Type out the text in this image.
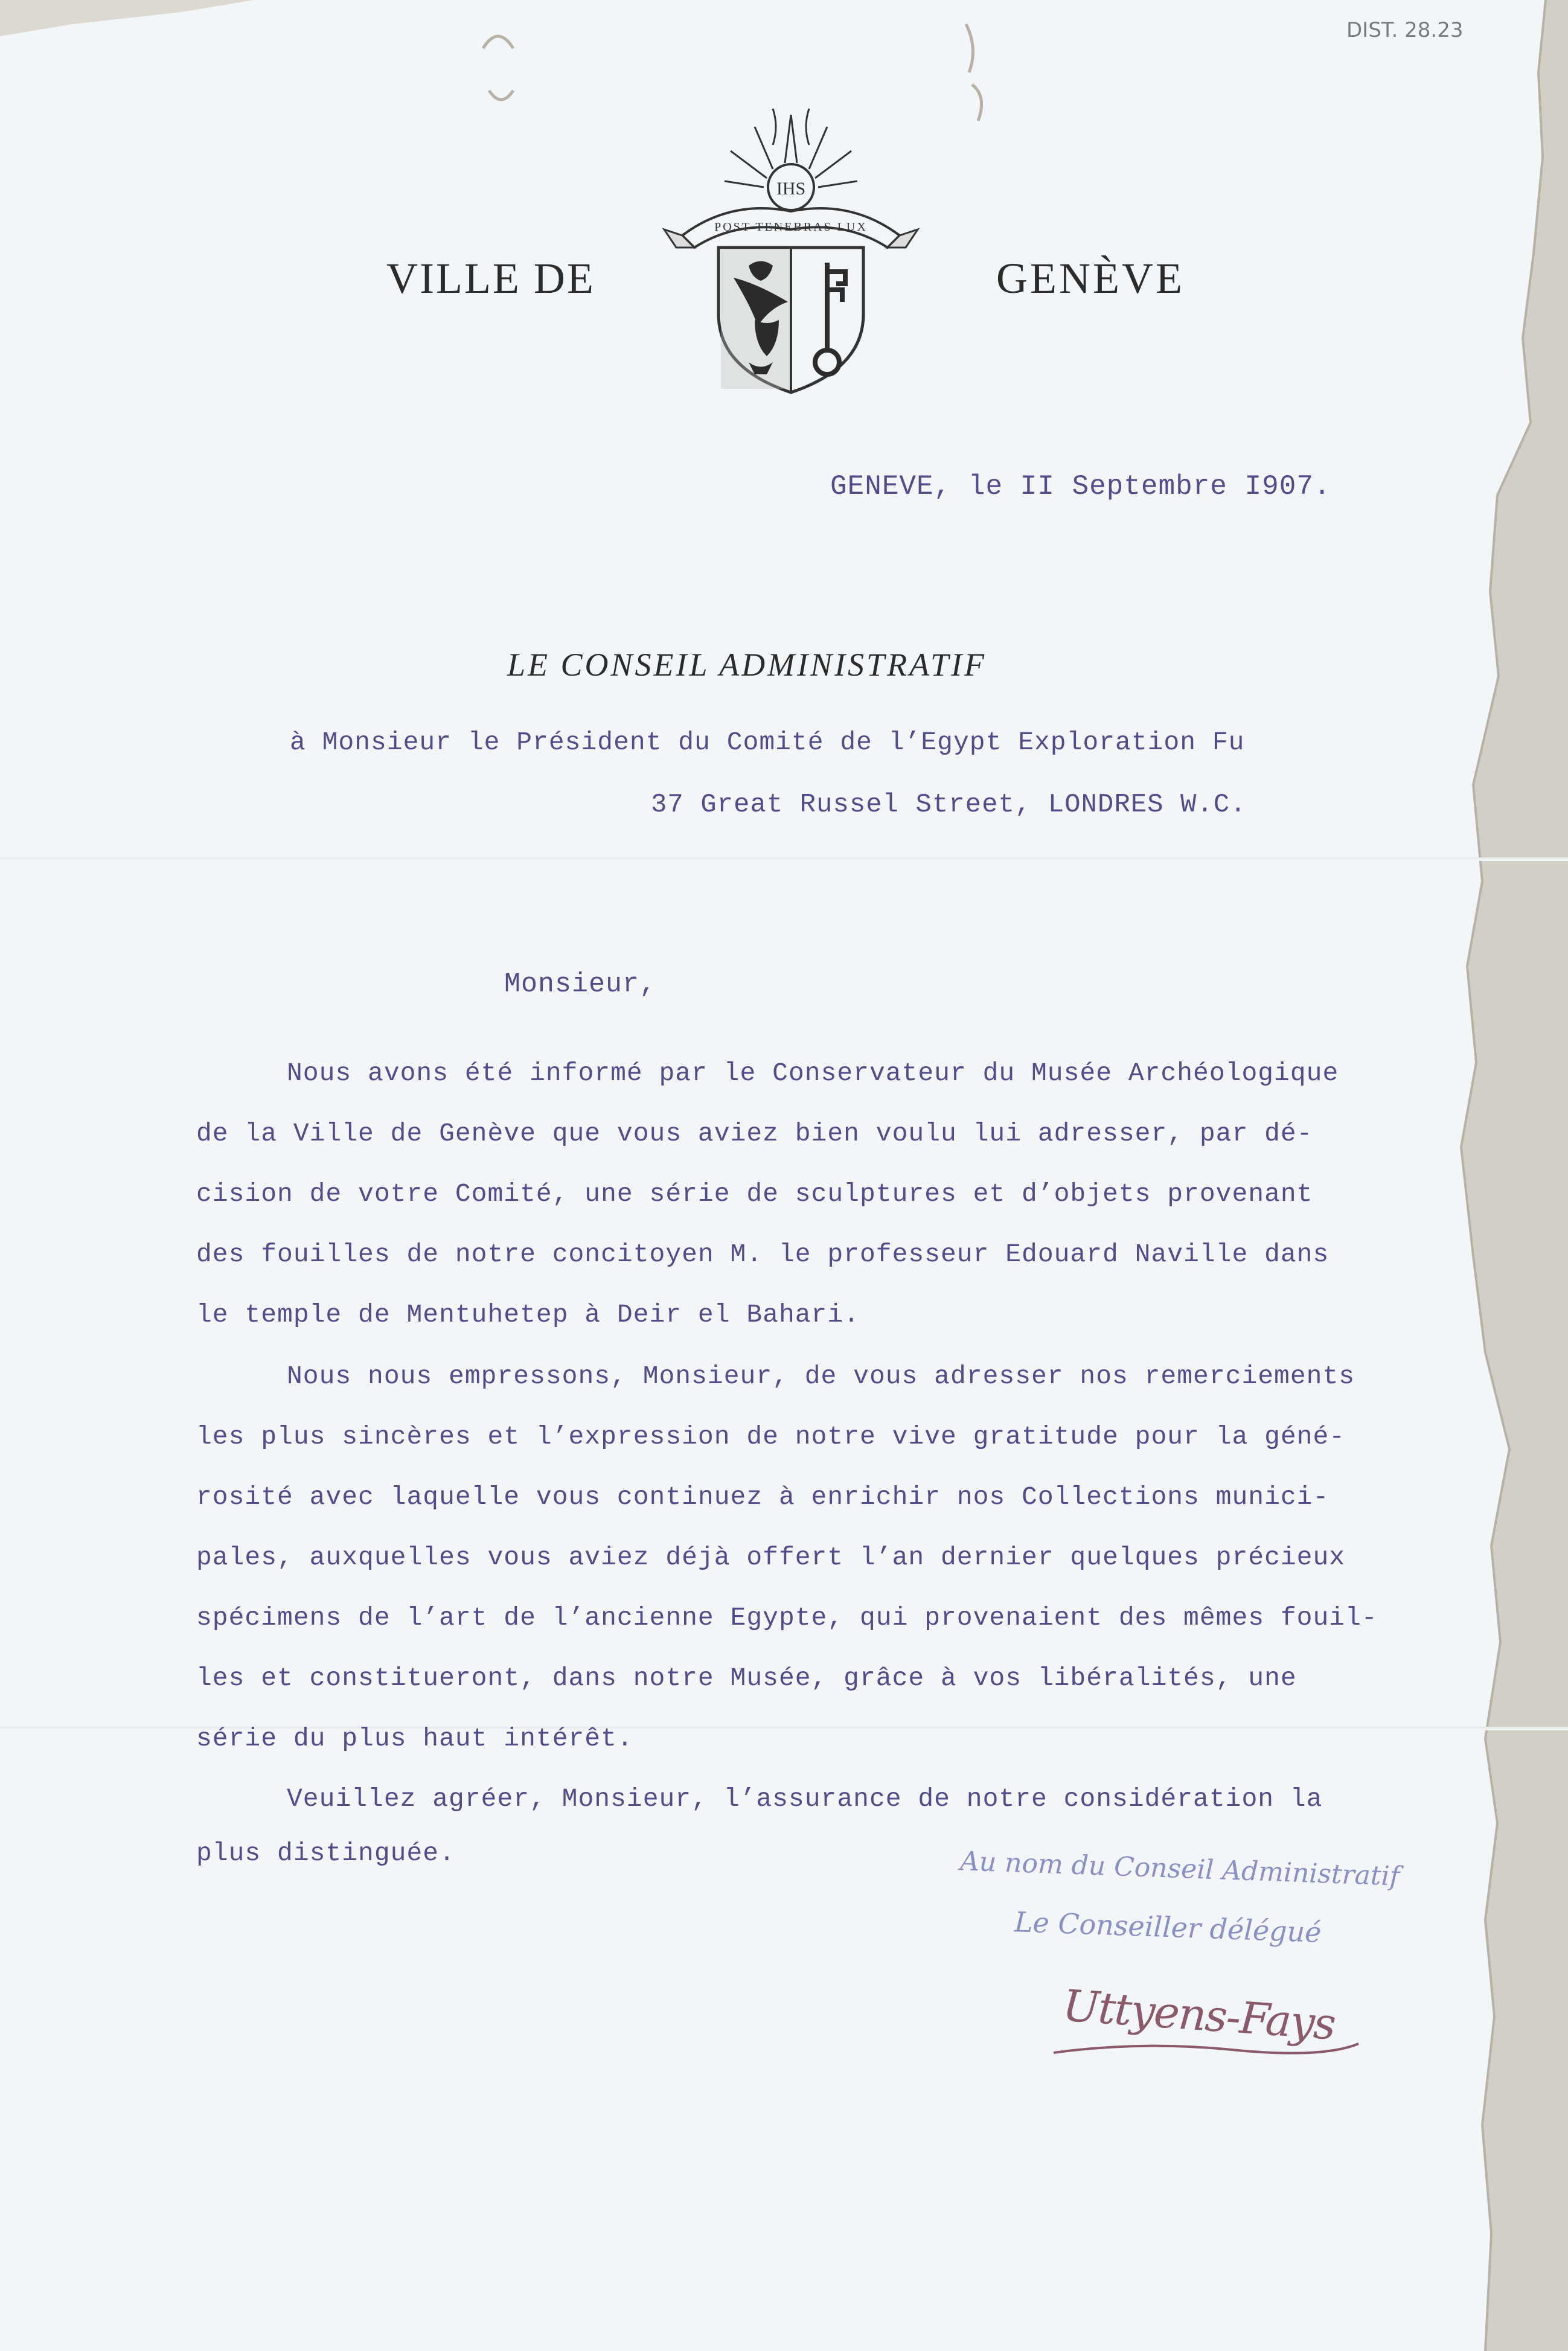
DIST. 28.23

VILLE DE	GENÈVE

IHS
POST TENEBRAS LUX

GENEVE, le II Septembre I907.

LE CONSEIL ADMINISTRATIF

à Monsieur le Président du Comité de l’Egypt Exploration Fu

37 Great Russel Street, LONDRES W.C.

Monsieur,

Nous avons été informé par le Conservateur du Musée Archéologique

de la Ville de Genève que vous aviez bien voulu lui adresser, par dé-

cision de votre Comité, une série de sculptures et d’objets provenant

des fouilles de notre concitoyen M. le professeur Edouard Naville dans

le temple de Mentuhetep à Deir el Bahari.

Nous nous empressons, Monsieur, de vous adresser nos remerciements

les plus sincères et l’expression de notre vive gratitude pour la géné-

rosité avec laquelle vous continuez à enrichir nos Collections munici-

pales, auxquelles vous aviez déjà offert l’an dernier quelques précieux

spécimens de l’art de l’ancienne Egypte, qui provenaient des mêmes fouil-

les et constitueront, dans notre Musée, grâce à vos libéralités, une

série du plus haut intérêt.

Veuillez agréer, Monsieur, l’assurance de notre considération la

plus distinguée.	Au nom du Conseil Administratif

Le Conseiller délégué

Uttyens-Fays
